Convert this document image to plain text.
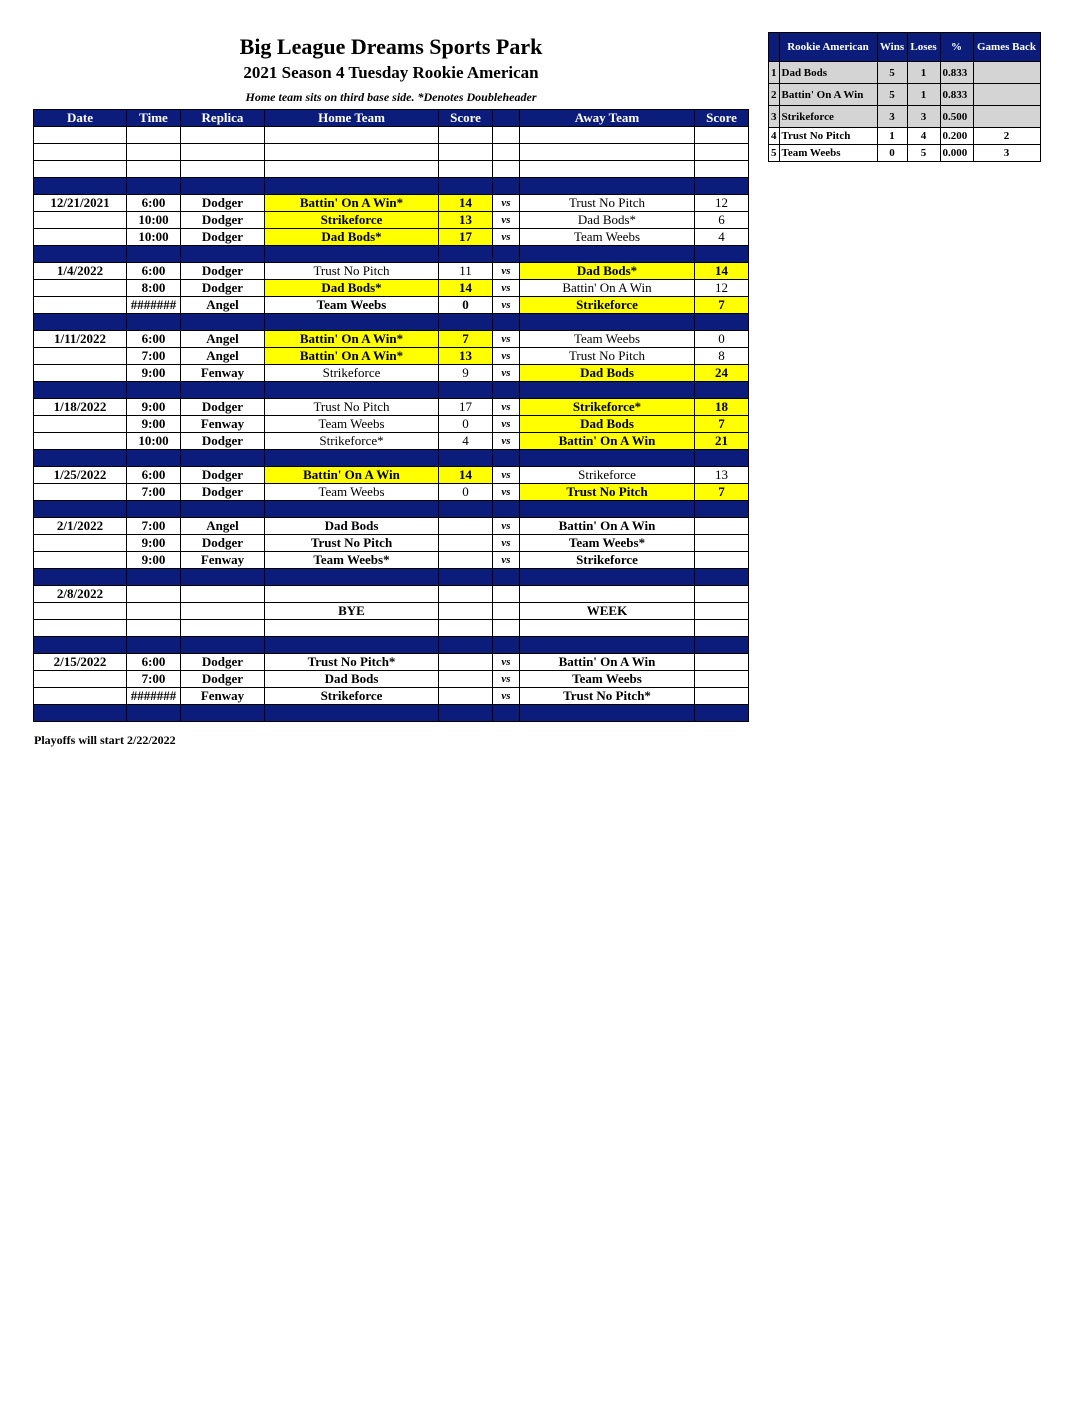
Big League Dreams Sports Park
2021 Season 4 Tuesday Rookie American
Home team sits on third base side. *Denotes Doubleheader
Date	Time	Replica	Home Team	Score		Away Team	Score

12/21/2021	6:00	Dodger	Battin' On A Win*	14	vs	Trust No Pitch	12
	10:00	Dodger	Strikeforce	13	vs	Dad Bods*	6
	10:00	Dodger	Dad Bods*	17	vs	Team Weebs	4

1/4/2022	6:00	Dodger	Trust No Pitch	11	vs	Dad Bods*	14
	8:00	Dodger	Dad Bods*	14	vs	Battin' On A Win	12
	#######	Angel	Team Weebs	0	vs	Strikeforce	7

1/11/2022	6:00	Angel	Battin' On A Win*	7	vs	Team Weebs	0
	7:00	Angel	Battin' On A Win*	13	vs	Trust No Pitch	8
	9:00	Fenway	Strikeforce	9	vs	Dad Bods	24

1/18/2022	9:00	Dodger	Trust No Pitch	17	vs	Strikeforce*	18
	9:00	Fenway	Team Weebs	0	vs	Dad Bods	7
	10:00	Dodger	Strikeforce*	4	vs	Battin' On A Win	21

1/25/2022	6:00	Dodger	Battin' On A Win	14	vs	Strikeforce	13
	7:00	Dodger	Team Weebs	0	vs	Trust No Pitch	7

2/1/2022	7:00	Angel	Dad Bods		vs	Battin' On A Win	
	9:00	Dodger	Trust No Pitch		vs	Team Weebs*	
	9:00	Fenway	Team Weebs*		vs	Strikeforce	

2/8/2022							
			BYE			WEEK	

2/15/2022	6:00	Dodger	Trust No Pitch*		vs	Battin' On A Win	
	7:00	Dodger	Dad Bods		vs	Team Weebs	
	#######	Fenway	Strikeforce		vs	Trust No Pitch*	

	Rookie American	Wins	Loses	%	Games Back
1	Dad Bods	5	1	0.833	
2	Battin' On A Win	5	1	0.833	
3	Strikeforce	3	3	0.500	
4	Trust No Pitch	1	4	0.200	2
5	Team Weebs	0	5	0.000	3
Playoffs will start 2/22/2022
